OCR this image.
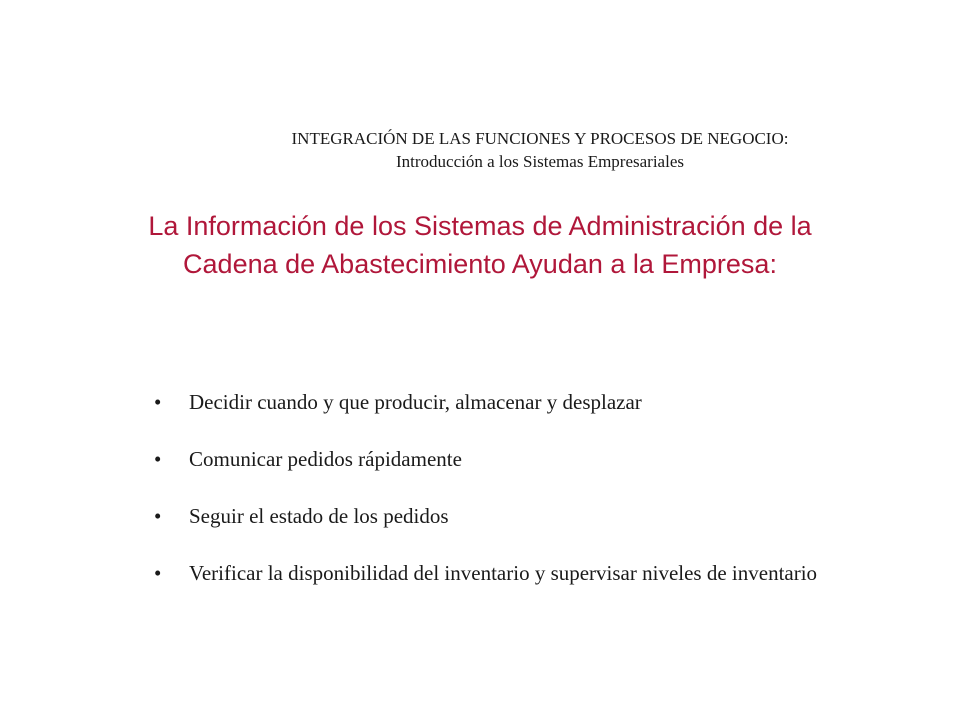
INTEGRACIÓN DE LAS FUNCIONES Y PROCESOS DE NEGOCIO:
Introducción a los Sistemas Empresariales
La Información de los Sistemas de Administración de la
Cadena de Abastecimiento Ayudan a la Empresa:
• Decidir cuando y que producir, almacenar y desplazar
• Comunicar pedidos rápidamente
• Seguir el estado de los pedidos
• Verificar la disponibilidad del inventario y supervisar niveles de inventario
